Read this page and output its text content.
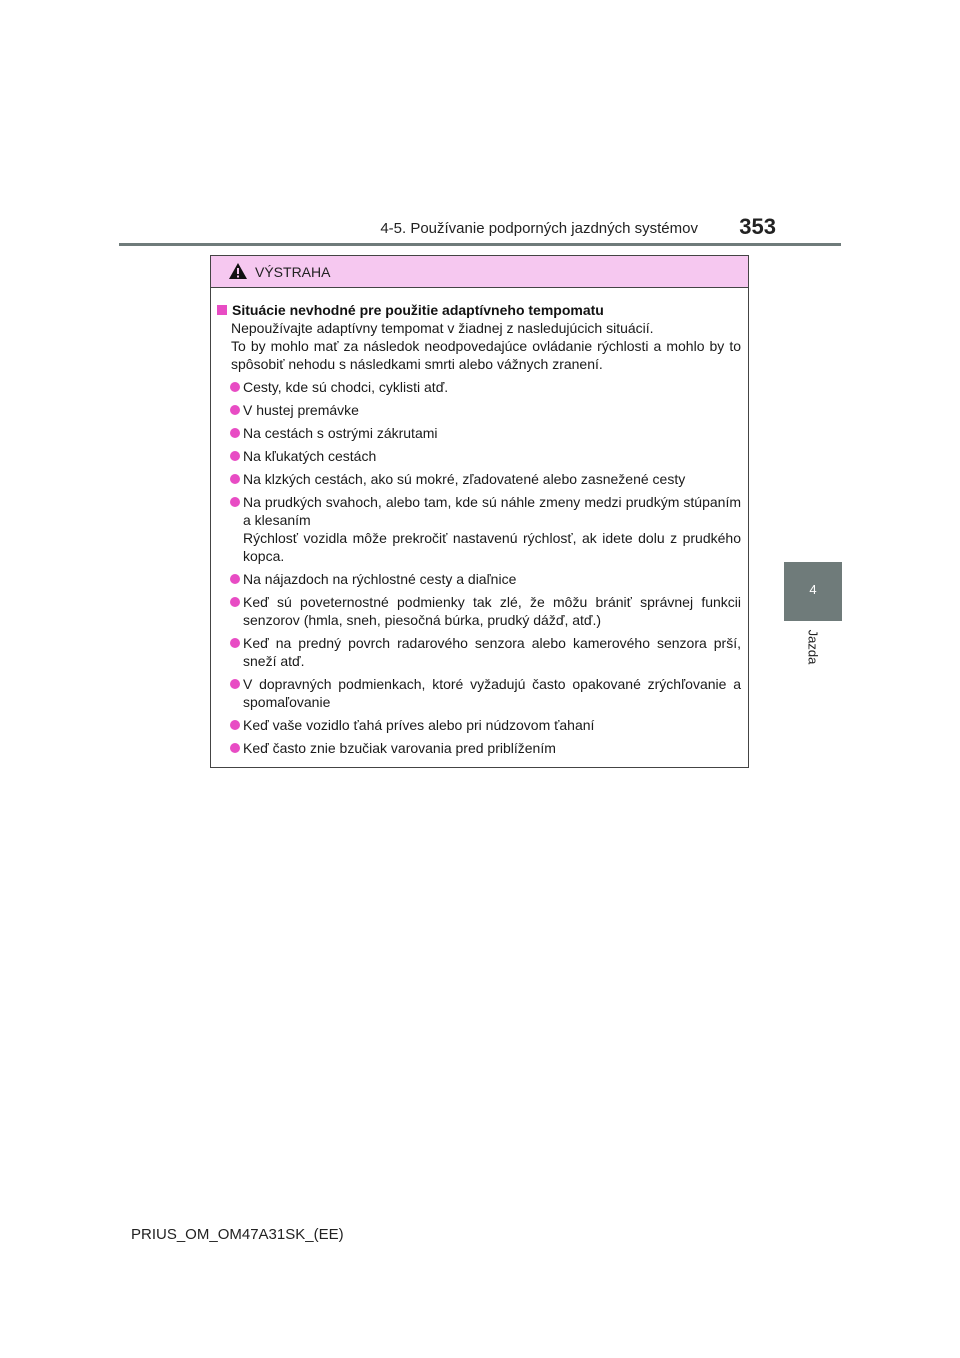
4-5. Používanie podporných jazdných systémov	353
4
Jazda
VÝSTRAHA
Situácie nevhodné pre použitie adaptívneho tempomatu
Nepoužívajte adaptívny tempomat v žiadnej z nasledujúcich situácií.
To by mohlo mať za následok neodpovedajúce ovládanie rýchlosti a mohlo by to spôsobiť nehodu s následkami smrti alebo vážnych zranení.
Cesty, kde sú chodci, cyklisti atď.
V hustej premávke
Na cestách s ostrými zákrutami
Na kľukatých cestách
Na klzkých cestách, ako sú mokré, zľadovatené alebo zasnežené cesty
Na prudkých svahoch, alebo tam, kde sú náhle zmeny medzi prudkým stúpaním a klesaním
Rýchlosť vozidla môže prekročiť nastavenú rýchlosť, ak idete dolu z prudkého kopca.
Na nájazdoch na rýchlostné cesty a diaľnice
Keď sú poveternostné podmienky tak zlé, že môžu brániť správnej funkcii senzorov (hmla, sneh, piesočná búrka, prudký dážď, atď.)
Keď na predný povrch radarového senzora alebo kamerového senzora prší, sneží atď.
V dopravných podmienkach, ktoré vyžadujú často opakované zrýchľovanie a spomaľovanie
Keď vaše vozidlo ťahá príves alebo pri núdzovom ťahaní
Keď často znie bzučiak varovania pred priblížením
PRIUS_OM_OM47A31SK_(EE)
